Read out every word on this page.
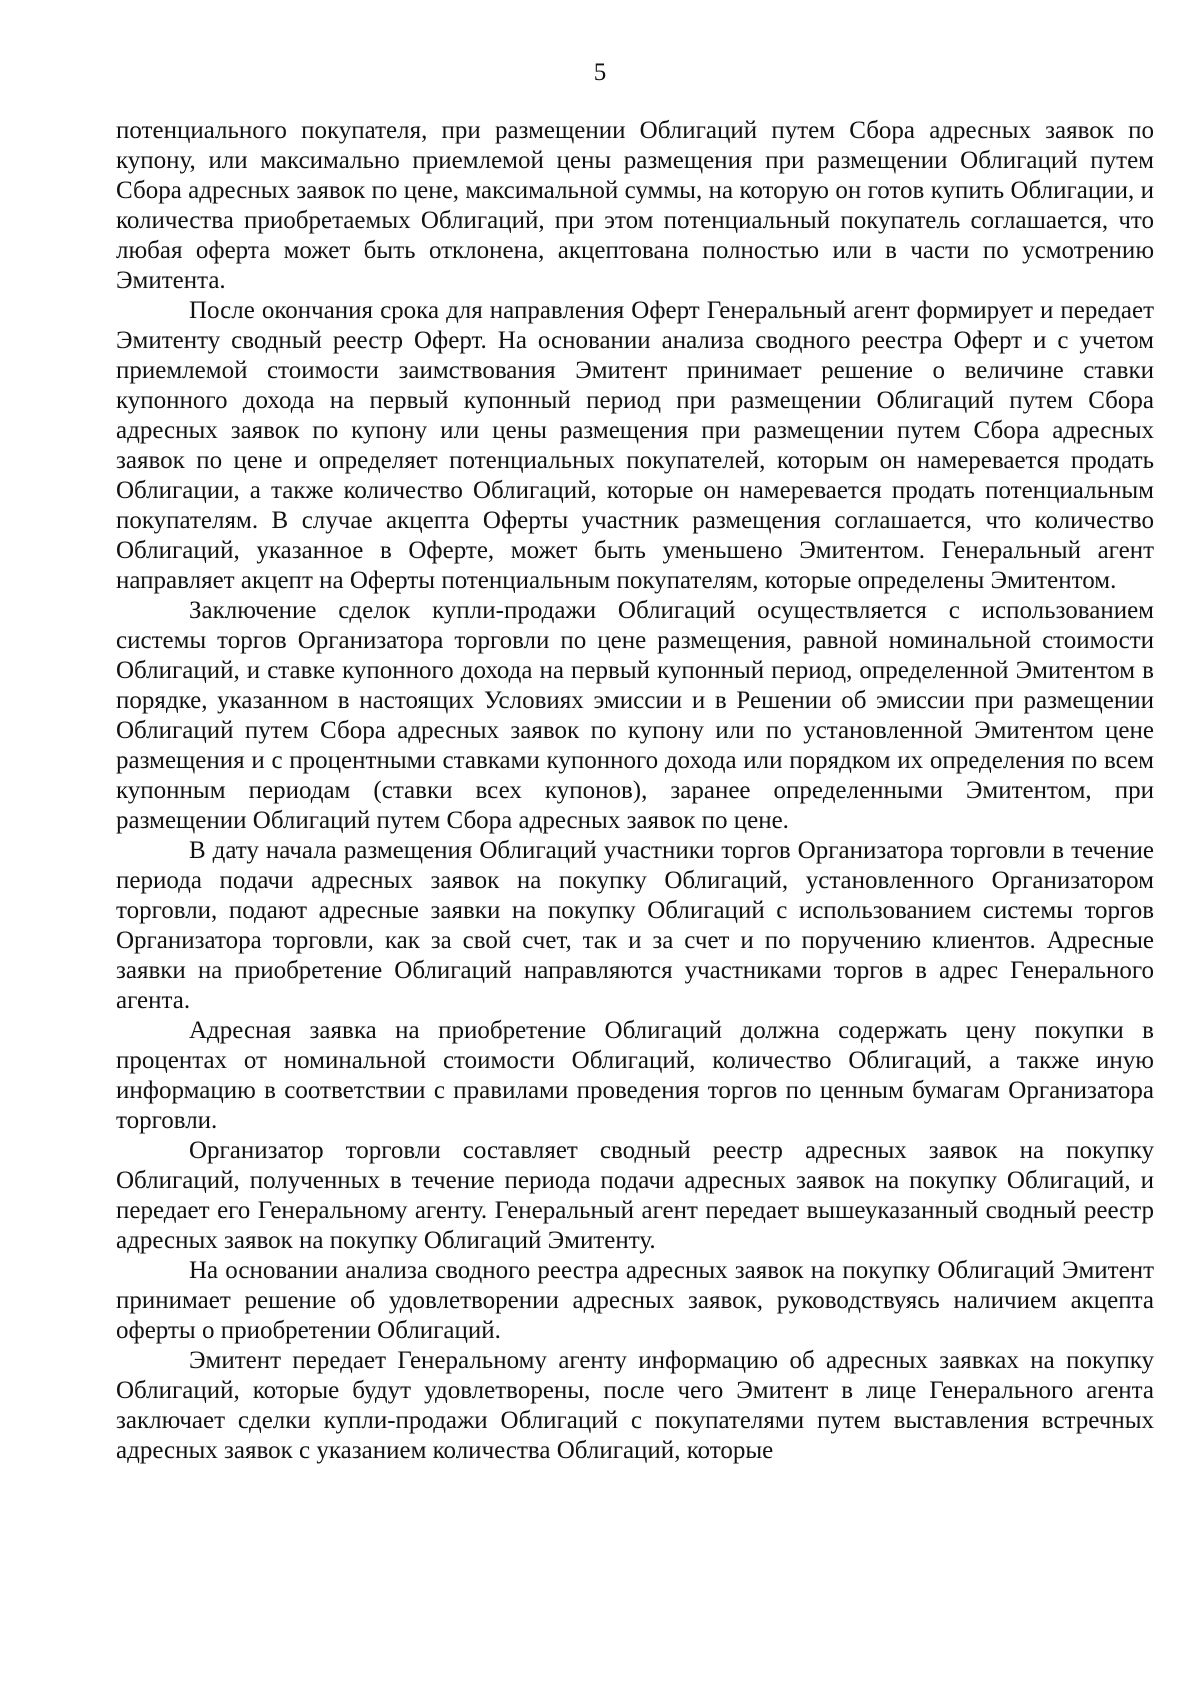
5

потенциального покупателя, при размещении Облигаций путем Сбора адресных заявок по купону, или максимально приемлемой цены размещения при размещении Облигаций путем Сбора адресных заявок по цене, максимальной суммы, на которую он готов купить Облигации, и количества приобретаемых Облигаций, при этом потенциальный покупатель соглашается, что любая оферта может быть отклонена, акцептована полностью или в части по усмотрению Эмитента.

После окончания срока для направления Оферт Генеральный агент формирует и передает Эмитенту сводный реестр Оферт. На основании анализа сводного реестра Оферт и с учетом приемлемой стоимости заимствования Эмитент принимает решение о величине ставки купонного дохода на первый купонный период при размещении Облигаций путем Сбора адресных заявок по купону или цены размещения при размещении путем Сбора адресных заявок по цене и определяет потенциальных покупателей, которым он намеревается продать Облигации, а также количество Облигаций, которые он намеревается продать потенциальным покупателям. В случае акцепта Оферты участник размещения соглашается, что количество Облигаций, указанное в Оферте, может быть уменьшено Эмитентом. Генеральный агент направляет акцепт на Оферты потенциальным покупателям, которые определены Эмитентом.

Заключение сделок купли-продажи Облигаций осуществляется с использованием системы торгов Организатора торговли по цене размещения, равной номинальной стоимости Облигаций, и ставке купонного дохода на первый купонный период, определенной Эмитентом в порядке, указанном в настоящих Условиях эмиссии и в Решении об эмиссии при размещении Облигаций путем Сбора адресных заявок по купону или по установленной Эмитентом цене размещения и с процентными ставками купонного дохода или порядком их определения по всем купонным периодам (ставки всех купонов), заранее определенными Эмитентом, при размещении Облигаций путем Сбора адресных заявок по цене.

В дату начала размещения Облигаций участники торгов Организатора торговли в течение периода подачи адресных заявок на покупку Облигаций, установленного Организатором торговли, подают адресные заявки на покупку Облигаций с использованием системы торгов Организатора торговли, как за свой счет, так и за счет и по поручению клиентов. Адресные заявки на приобретение Облигаций направляются участниками торгов в адрес Генерального агента.

Адресная заявка на приобретение Облигаций должна содержать цену покупки в процентах от номинальной стоимости Облигаций, количество Облигаций, а также иную информацию в соответствии с правилами проведения торгов по ценным бумагам Организатора торговли.

Организатор торговли составляет сводный реестр адресных заявок на покупку Облигаций, полученных в течение периода подачи адресных заявок на покупку Облигаций, и передает его Генеральному агенту. Генеральный агент передает вышеуказанный сводный реестр адресных заявок на покупку Облигаций Эмитенту.

На основании анализа сводного реестра адресных заявок на покупку Облигаций Эмитент принимает решение об удовлетворении адресных заявок, руководствуясь наличием акцепта оферты о приобретении Облигаций.

Эмитент передает Генеральному агенту информацию об адресных заявках на покупку Облигаций, которые будут удовлетворены, после чего Эмитент в лице Генерального агента заключает сделки купли-продажи Облигаций с покупателями путем выставления встречных адресных заявок с указанием количества Облигаций, которые
